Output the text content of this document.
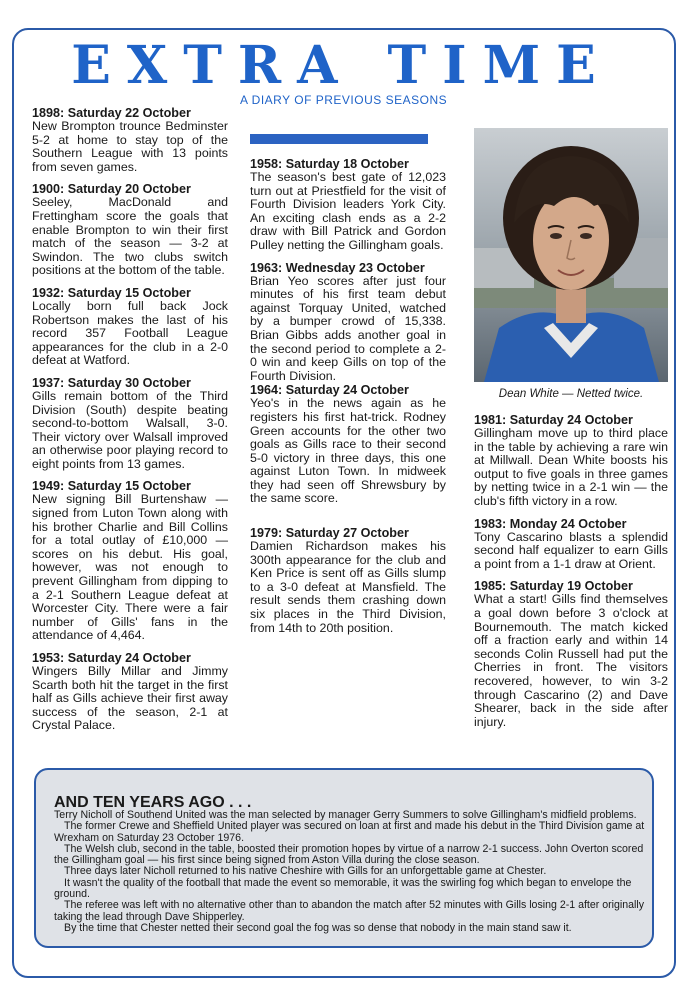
EXTRA TIME
A DIARY OF PREVIOUS SEASONS
1898: Saturday 22 October

New Brompton trounce Bedminster 5-2 at home to stay top of the Southern League with 13 points from seven games.

1900: Saturday 20 October

Seeley, MacDonald and Frettingham score the goals that enable Brompton to win their first match of the season — 3-2 at Swindon. The two clubs switch positions at the bottom of the table.

1932: Saturday 15 October

Locally born full back Jock Robertson makes the last of his record 357 Football League appearances for the club in a 2-0 defeat at Watford.

1937: Saturday 30 October

Gills remain bottom of the Third Division (South) despite beating second-to-bottom Walsall, 3-0. Their victory over Walsall improved an otherwise poor playing record to eight points from 13 games.

1949: Saturday 15 October

New signing Bill Burtenshaw — signed from Luton Town along with his brother Charlie and Bill Collins for a total outlay of £10,000 — scores on his debut. His goal, however, was not enough to prevent Gillingham from dipping to a 2-1 Southern League defeat at Worcester City. There were a fair number of Gills' fans in the attendance of 4,464.

1953: Saturday 24 October

Wingers Billy Millar and Jimmy Scarth both hit the target in the first half as Gills achieve their first away success of the season, 2-1 at Crystal Palace.

1958: Saturday 18 October

The season's best gate of 12,023 turn out at Priestfield for the visit of Fourth Division leaders York City. An exciting clash ends as a 2-2 draw with Bill Patrick and Gordon Pulley netting the Gillingham goals.

1963: Wednesday 23 October

Brian Yeo scores after just four minutes of his first team debut against Torquay United, watched by a bumper crowd of 15,338. Brian Gibbs adds another goal in the second period to complete a 2-0 win and keep Gills on top of the Fourth Division.

1964: Saturday 24 October

Yeo's in the news again as he registers his first hat-trick. Rodney Green accounts for the other two goals as Gills race to their second 5-0 victory in three days, this one against Luton Town. In midweek they had seen off Shrewsbury by the same score.

1979: Saturday 27 October

Damien Richardson makes his 300th appearance for the club and Ken Price is sent off as Gills slump to a 3-0 defeat at Mansfield. The result sends them crashing down six places in the Third Division, from 14th to 20th position.

Dean White — Netted twice.
1981: Saturday 24 October

Gillingham move up to third place in the table by achieving a rare win at Millwall. Dean White boosts his output to five goals in three games by netting twice in a 2-1 win — the club's fifth victory in a row.

1983: Monday 24 October

Tony Cascarino blasts a splendid second half equalizer to earn Gills a point from a 1-1 draw at Orient.

1985: Saturday 19 October

What a start! Gills find themselves a goal down before 3 o'clock at Bournemouth. The match kicked off a fraction early and within 14 seconds Colin Russell had put the Cherries in front. The visitors recovered, however, to win 3-2 through Cascarino (2) and Dave Shearer, back in the side after injury.

AND TEN YEARS AGO . . .

Terry Nicholl of Southend United was the man selected by manager Gerry Summers to solve Gillingham's midfield problems.

The former Crewe and Sheffield United player was secured on loan at first and made his debut in the Third Division game at Wrexham on Saturday 23 October 1976.

The Welsh club, second in the table, boosted their promotion hopes by virtue of a narrow 2-1 success. John Overton scored the Gillingham goal — his first since being signed from Aston Villa during the close season.

Three days later Nicholl returned to his native Cheshire with Gills for an unforgettable game at Chester.

It wasn't the quality of the football that made the event so memorable, it was the swirling fog which began to envelope the ground.

The referee was left with no alternative other than to abandon the match after 52 minutes with Gills losing 2-1 after originally taking the lead through Dave Shipperley.

By the time that Chester netted their second goal the fog was so dense that nobody in the main stand saw it.
